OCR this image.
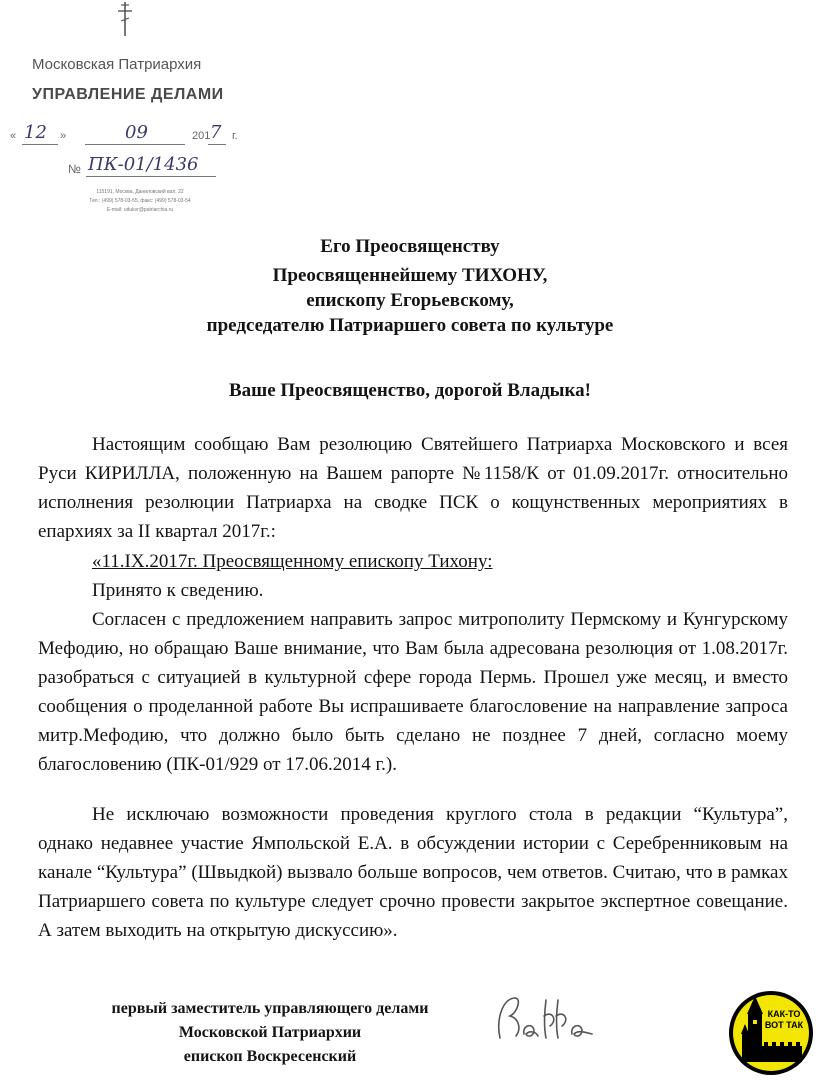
Московская Патриархия
УПРАВЛЕНИЕ ДЕЛАМИ
« 12 »	09	201 7 г.
№ ПК-01/1436
115191, Москва, Даниловский вал, 22
Тел.: (499) 578-03-55, факс: (499) 578-03-54
E-mail: udukvr@patriarchia.ru
Его Преосвященству
Преосвященнейшему ТИХОНУ,
епископу Егорьевскому,
председателю Патриаршего совета по культуре
Ваше Преосвященство, дорогой Владыка!
Настоящим сообщаю Вам резолюцию Святейшего Патриарха Московского и всея Руси КИРИЛЛА, положенную на Вашем рапорте №1158/К от 01.09.2017г. относительно исполнения резолюции Патриарха на сводке ПСК о кощунственных мероприятиях в епархиях за II квартал 2017г.:
«11.IX.2017г. Преосвященному епископу Тихону:
Принято к сведению.
Согласен с предложением направить запрос митрополиту Пермскому и Кунгурскому Мефодию, но обращаю Ваше внимание, что Вам была адресована резолюция от 1.08.2017г. разобраться с ситуацией в культурной сфере города Пермь. Прошел уже месяц, и вместо сообщения о проделанной работе Вы испрашиваете благословение на направление запроса митр.Мефодию, что должно было быть сделано не позднее 7 дней, согласно моему благословению (ПК-01/929 от 17.06.2014 г.).
Не исключаю возможности проведения круглого стола в редакции “Культура”, однако недавнее участие Ямпольской Е.А. в обсуждении истории с Серебренниковым на канале “Культура” (Швыдкой) вызвало больше вопросов, чем ответов. Считаю, что в рамках Патриаршего совета по культуре следует срочно провести закрытое экспертное совещание. А затем выходить на открытую дискуссию».
первый заместитель управляющего делами
Московской Патриархии
епископ Воскресенский
КАК-ТО
ВОТ ТАК
